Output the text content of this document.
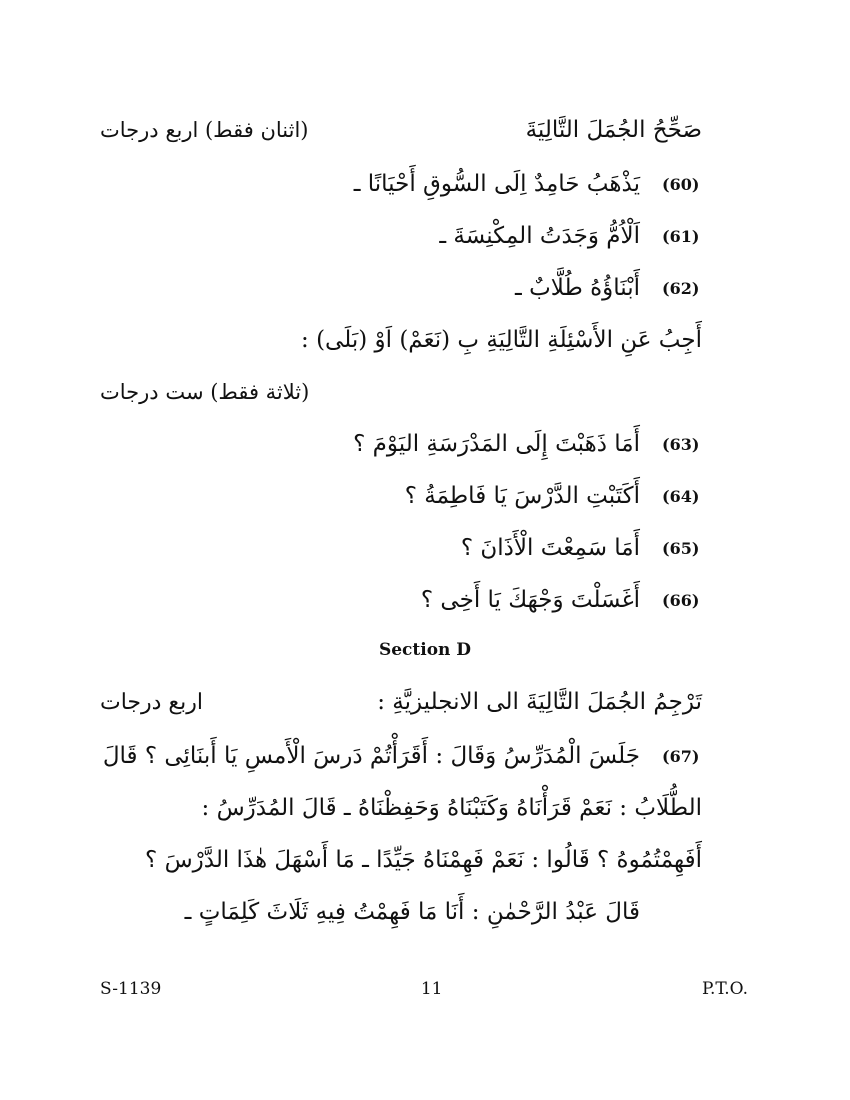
(اثنان فقط) اربع درجات	صَحِّحُ الجُمَلَ التَّالِيَةَ
(60)
يَذْهَبُ حَامِدٌ اِلَى السُّوقِ أَحْيَانًا ـ
(61)
اَلْاُمُّ وَجَدَتُ المِكْنِسَةَ ـ
(62)
أَبْنَاؤُهُ طُلَّابٌ ـ
أَجِبُ عَنِ الأَسْئِلَةِ التَّالِيَةِ بِ (نَعَمْ) اَوْ (بَلَى) :
(ثلاثة فقط) ست درجات
(63)
أَمَا ذَهَبْتَ إِلَى المَدْرَسَةِ اليَوْمَ ؟
(64)
أَكَتَبْتِ الدَّرْسَ يَا فَاطِمَةُ ؟
(65)
أَمَا سَمِعْتَ الْأَذَانَ ؟
(66)
أَغَسَلْتَ وَجْهَكَ يَا أَخِى ؟
Section D
اربع درجات	تَرْجِمُ الجُمَلَ التَّالِيَةَ الى الانجليزيَّةِ :
(67)
جَلَسَ الْمُدَرِّسُ وَقَالَ : أَقَرَأْتُمْ دَرسَ الْأَمسِ يَا أَبنَائِى ؟ قَالَ
الطُّلَابُ : نَعَمْ قَرَأْنَاهُ وَكَتَبْنَاهُ وَحَفِظْنَاهُ ـ قَالَ المُدَرِّسُ :
أَفَهِمْتُمُوهُ ؟ قَالُوا : نَعَمْ فَهِمْنَاهُ جَيِّدًا ـ مَا أَسْهَلَ هٰذَا الدَّرْسَ ؟
قَالَ عَبْدُ الرَّحْمٰنِ : أَنَا مَا فَهِمْتُ فِيهِ ثَلَاثَ كَلِمَاتٍ ـ
S-1139	11	P.T.O.
